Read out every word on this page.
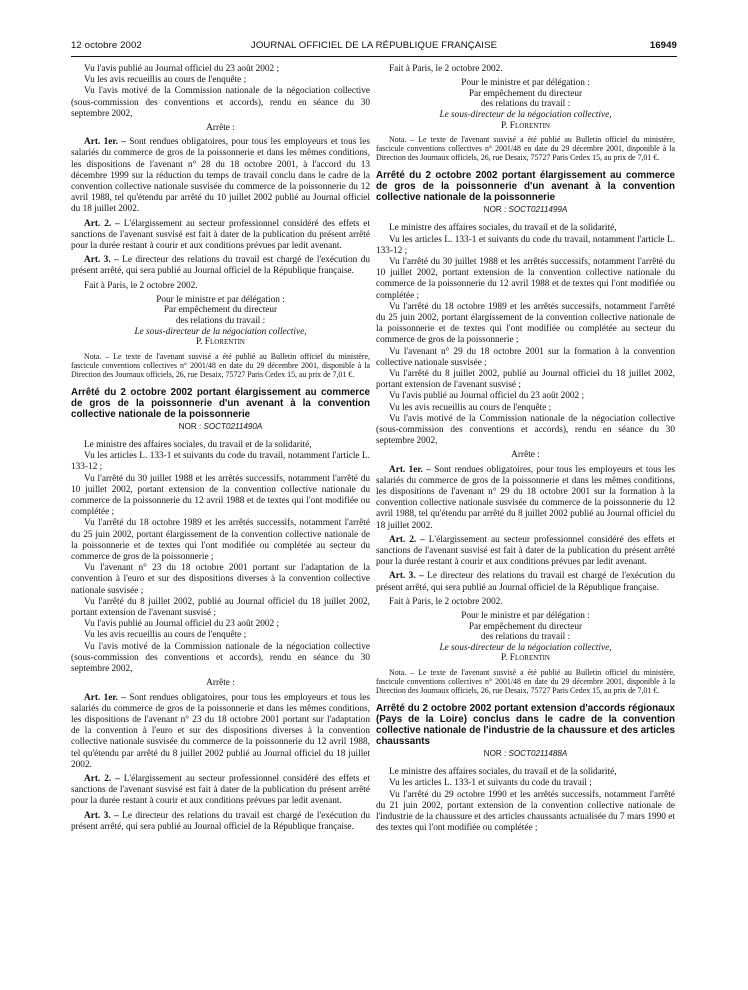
12 octobre 2002	JOURNAL OFFICIEL DE LA RÉPUBLIQUE FRANÇAISE	16949

Vu l'avis publié au Journal officiel du 23 août 2002 ;

Vu les avis recueillis au cours de l'enquête ;

Vu l'avis motivé de la Commission nationale de la négociation collective (sous-commission des conventions et accords), rendu en séance du 30 septembre 2002,

Arrête :

Art. 1er. – Sont rendues obligatoires, pour tous les employeurs et tous les salariés du commerce de gros de la poissonnerie et dans les mêmes conditions, les dispositions de l'avenant n° 28 du 18 octobre 2001, à l'accord du 13 décembre 1999 sur la réduction du temps de travail conclu dans le cadre de la convention collective nationale susvisée du commerce de la poissonnerie du 12 avril 1988, tel qu'étendu par arrêté du 10 juillet 2002 publié au Journal officiel du 18 juillet 2002.

Art. 2. – L'élargissement au secteur professionnel considéré des effets et sanctions de l'avenant susvisé est fait à dater de la publication du présent arrêté pour la durée restant à courir et aux conditions prévues par ledit avenant.

Art. 3. – Le directeur des relations du travail est chargé de l'exécution du présent arrêté, qui sera publié au Journal officiel de la République française.

Fait à Paris, le 2 octobre 2002.

Pour le ministre et par délégation :
Par empêchement du directeur
des relations du travail :
Le sous-directeur de la négociation collective,
P. Florentin

Nota. – Le texte de l'avenant susvisé a été publié au Bulletin officiel du ministère, fascicule conventions collectives n° 2001/48 en date du 29 décembre 2001, disponible à la Direction des Journaux officiels, 26, rue Desaix, 75727 Paris Cedex 15, au prix de 7,01 €.

Arrêté du 2 octobre 2002 portant élargissement au commerce de gros de la poissonnerie d'un avenant à la convention collective nationale de la poissonnerie
NOR : SOCT0211490A

Le ministre des affaires sociales, du travail et de la solidarité,

Vu les articles L. 133-1 et suivants du code du travail, notamment l'article L. 133-12 ;

Vu l'arrêté du 30 juillet 1988 et les arrêtés successifs, notamment l'arrêté du 10 juillet 2002, portant extension de la convention collective nationale du commerce de la poissonnerie du 12 avril 1988 et de textes qui l'ont modifiée ou complétée ;

Vu l'arrêté du 18 octobre 1989 et les arrêtés successifs, notamment l'arrêté du 25 juin 2002, portant élargissement de la convention collective nationale de la poissonnerie et de textes qui l'ont modifiée ou complétée au secteur du commerce de gros de la poissonnerie ;

Vu l'avenant n° 23 du 18 octobre 2001 portant sur l'adaptation de la convention à l'euro et sur des dispositions diverses à la convention collective nationale susvisée ;

Vu l'arrêté du 8 juillet 2002, publié au Journal officiel du 18 juillet 2002, portant extension de l'avenant susvisé ;

Vu l'avis publié au Journal officiel du 23 août 2002 ;

Vu les avis recueillis au cours de l'enquête ;

Vu l'avis motivé de la Commission nationale de la négociation collective (sous-commission des conventions et accords), rendu en séance du 30 septembre 2002,

Arrête :

Art. 1er. – Sont rendues obligatoires, pour tous les employeurs et tous les salariés du commerce de gros de la poissonnerie et dans les mêmes conditions, les dispositions de l'avenant n° 23 du 18 octobre 2001 portant sur l'adaptation de la convention à l'euro et sur des dispositions diverses à la convention collective nationale susvisée du commerce de la poissonnerie du 12 avril 1988, tel qu'étendu par arrêté du 8 juillet 2002 publié au Journal officiel du 18 juillet 2002.

Art. 2. – L'élargissement au secteur professionnel considéré des effets et sanctions de l'avenant susvisé est fait à dater de la publication du présent arrêté pour la durée restant à courir et aux conditions prévues par ledit avenant.

Art. 3. – Le directeur des relations du travail est chargé de l'exécution du présent arrêté, qui sera publié au Journal officiel de la République française.

Fait à Paris, le 2 octobre 2002.

Pour le ministre et par délégation :
Par empêchement du directeur
des relations du travail :
Le sous-directeur de la négociation collective,
P. Florentin

Nota. – Le texte de l'avenant susvisé a été publié au Bulletin officiel du ministère, fascicule conventions collectives n° 2001/48 en date du 29 décembre 2001, disponible à la Direction des Journaux officiels, 26, rue Desaix, 75727 Paris Cedex 15, au prix de 7,01 €.

Arrêté du 2 octobre 2002 portant élargissement au commerce de gros de la poissonnerie d'un avenant à la convention collective nationale de la poissonnerie
NOR : SOCT0211499A

Le ministre des affaires sociales, du travail et de la solidarité,

Vu les articles L. 133-1 et suivants du code du travail, notamment l'article L. 133-12 ;

Vu l'arrêté du 30 juillet 1988 et les arrêtés successifs, notamment l'arrêté du 10 juillet 2002, portant extension de la convention collective nationale du commerce de la poissonnerie du 12 avril 1988 et de textes qui l'ont modifiée ou complétée ;

Vu l'arrêté du 18 octobre 1989 et les arrêtés successifs, notamment l'arrêté du 25 juin 2002, portant élargissement de la convention collective nationale de la poissonnerie et de textes qui l'ont modifiée ou complétée au secteur du commerce de gros de la poissonnerie ;

Vu l'avenant n° 29 du 18 octobre 2001 sur la formation à la convention collective nationale susvisée ;

Vu l'arrêté du 8 juillet 2002, publié au Journal officiel du 18 juillet 2002, portant extension de l'avenant susvisé ;

Vu l'avis publié au Journal officiel du 23 août 2002 ;

Vu les avis recueillis au cours de l'enquête ;

Vu l'avis motivé de la Commission nationale de la négociation collective (sous-commission des conventions et accords), rendu en séance du 30 septembre 2002,

Arrête :

Art. 1er. – Sont rendues obligatoires, pour tous les employeurs et tous les salariés du commerce de gros de la poissonnerie et dans les mêmes conditions, les dispositions de l'avenant n° 29 du 18 octobre 2001 sur la formation à la convention collective nationale susvisée du commerce de la poissonnerie du 12 avril 1988, tel qu'étendu par arrêté du 8 juillet 2002 publié au Journal officiel du 18 juillet 2002.

Art. 2. – L'élargissement au secteur professionnel considéré des effets et sanctions de l'avenant susvisé est fait à dater de la publication du présent arrêté pour la durée restant à courir et aux conditions prévues par ledit avenant.

Art. 3. – Le directeur des relations du travail est chargé de l'exécution du présent arrêté, qui sera publié au Journal officiel de la République française.

Fait à Paris, le 2 octobre 2002.

Pour le ministre et par délégation :
Par empêchement du directeur
des relations du travail :
Le sous-directeur de la négociation collective,
P. Florentin

Nota. – Le texte de l'avenant susvisé a été publié au Bulletin officiel du ministère, fascicule conventions collectives n° 2001/48 en date du 29 décembre 2001, disponible à la Direction des Journaux officiels, 26, rue Desaix, 75727 Paris Cedex 15, au prix de 7,01 €.

Arrêté du 2 octobre 2002 portant extension d'accords régionaux (Pays de la Loire) conclus dans le cadre de la convention collective nationale de l'industrie de la chaussure et des articles chaussants
NOR : SOCT0211488A

Le ministre des affaires sociales, du travail et de la solidarité,

Vu les articles L. 133-1 et suivants du code du travail ;

Vu l'arrêté du 29 octobre 1990 et les arrêtés successifs, notamment l'arrêté du 21 juin 2002, portant extension de la convention collective nationale de l'industrie de la chaussure et des articles chaussants actualisée du 7 mars 1990 et des textes qui l'ont modifiée ou complétée ;
